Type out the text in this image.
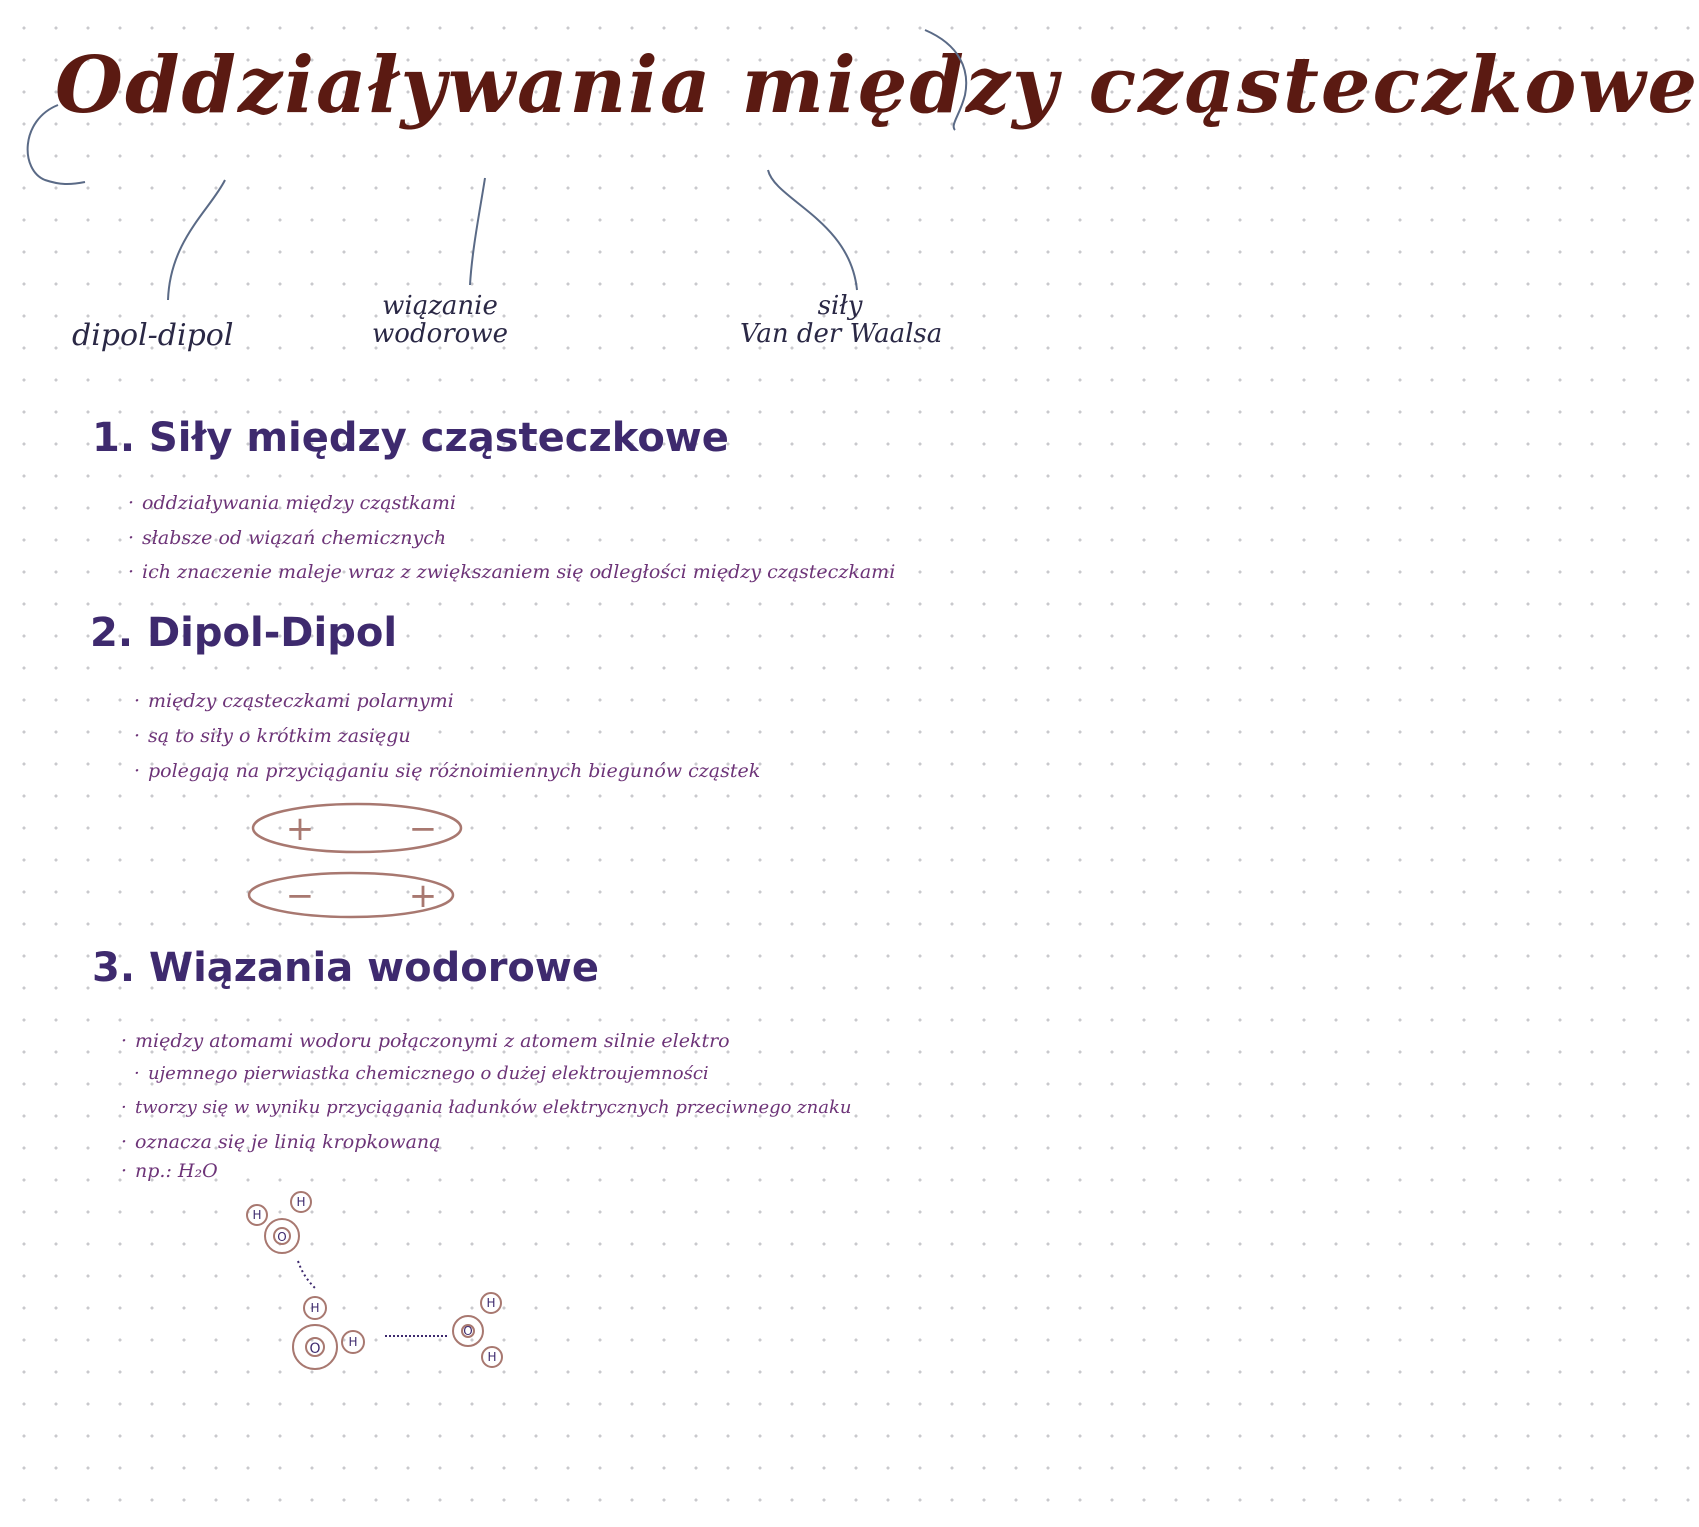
Oddziaływania między cząsteczkowe
dipol-dipol
wiązanie
wodorowe
siły
Van der Waalsa
1. Siły między cząsteczkowe

· oddziaływania między cząstkami

· słabsze od wiązań chemicznych

· ich znaczenie maleje wraz z zwiększaniem się odległości między cząsteczkami

2. Dipol-Dipol

· między cząsteczkami polarnymi

· są to siły o krótkim zasięgu

· polegają na przyciąganiu się różnoimiennych biegunów cząstek

+	−
−	+
3. Wiązania wodorowe

· między atomami wodoru połączonymi z atomem silnie elektro

· ujemnego pierwiastka chemicznego o dużej elektroujemności

· tworzy się w wyniku przyciągania ładunków elektrycznych przeciwnego znaku

· oznacza się je linią kropkowaną

· np.: H₂O

O
H
H
O
H
H
O
H
H
